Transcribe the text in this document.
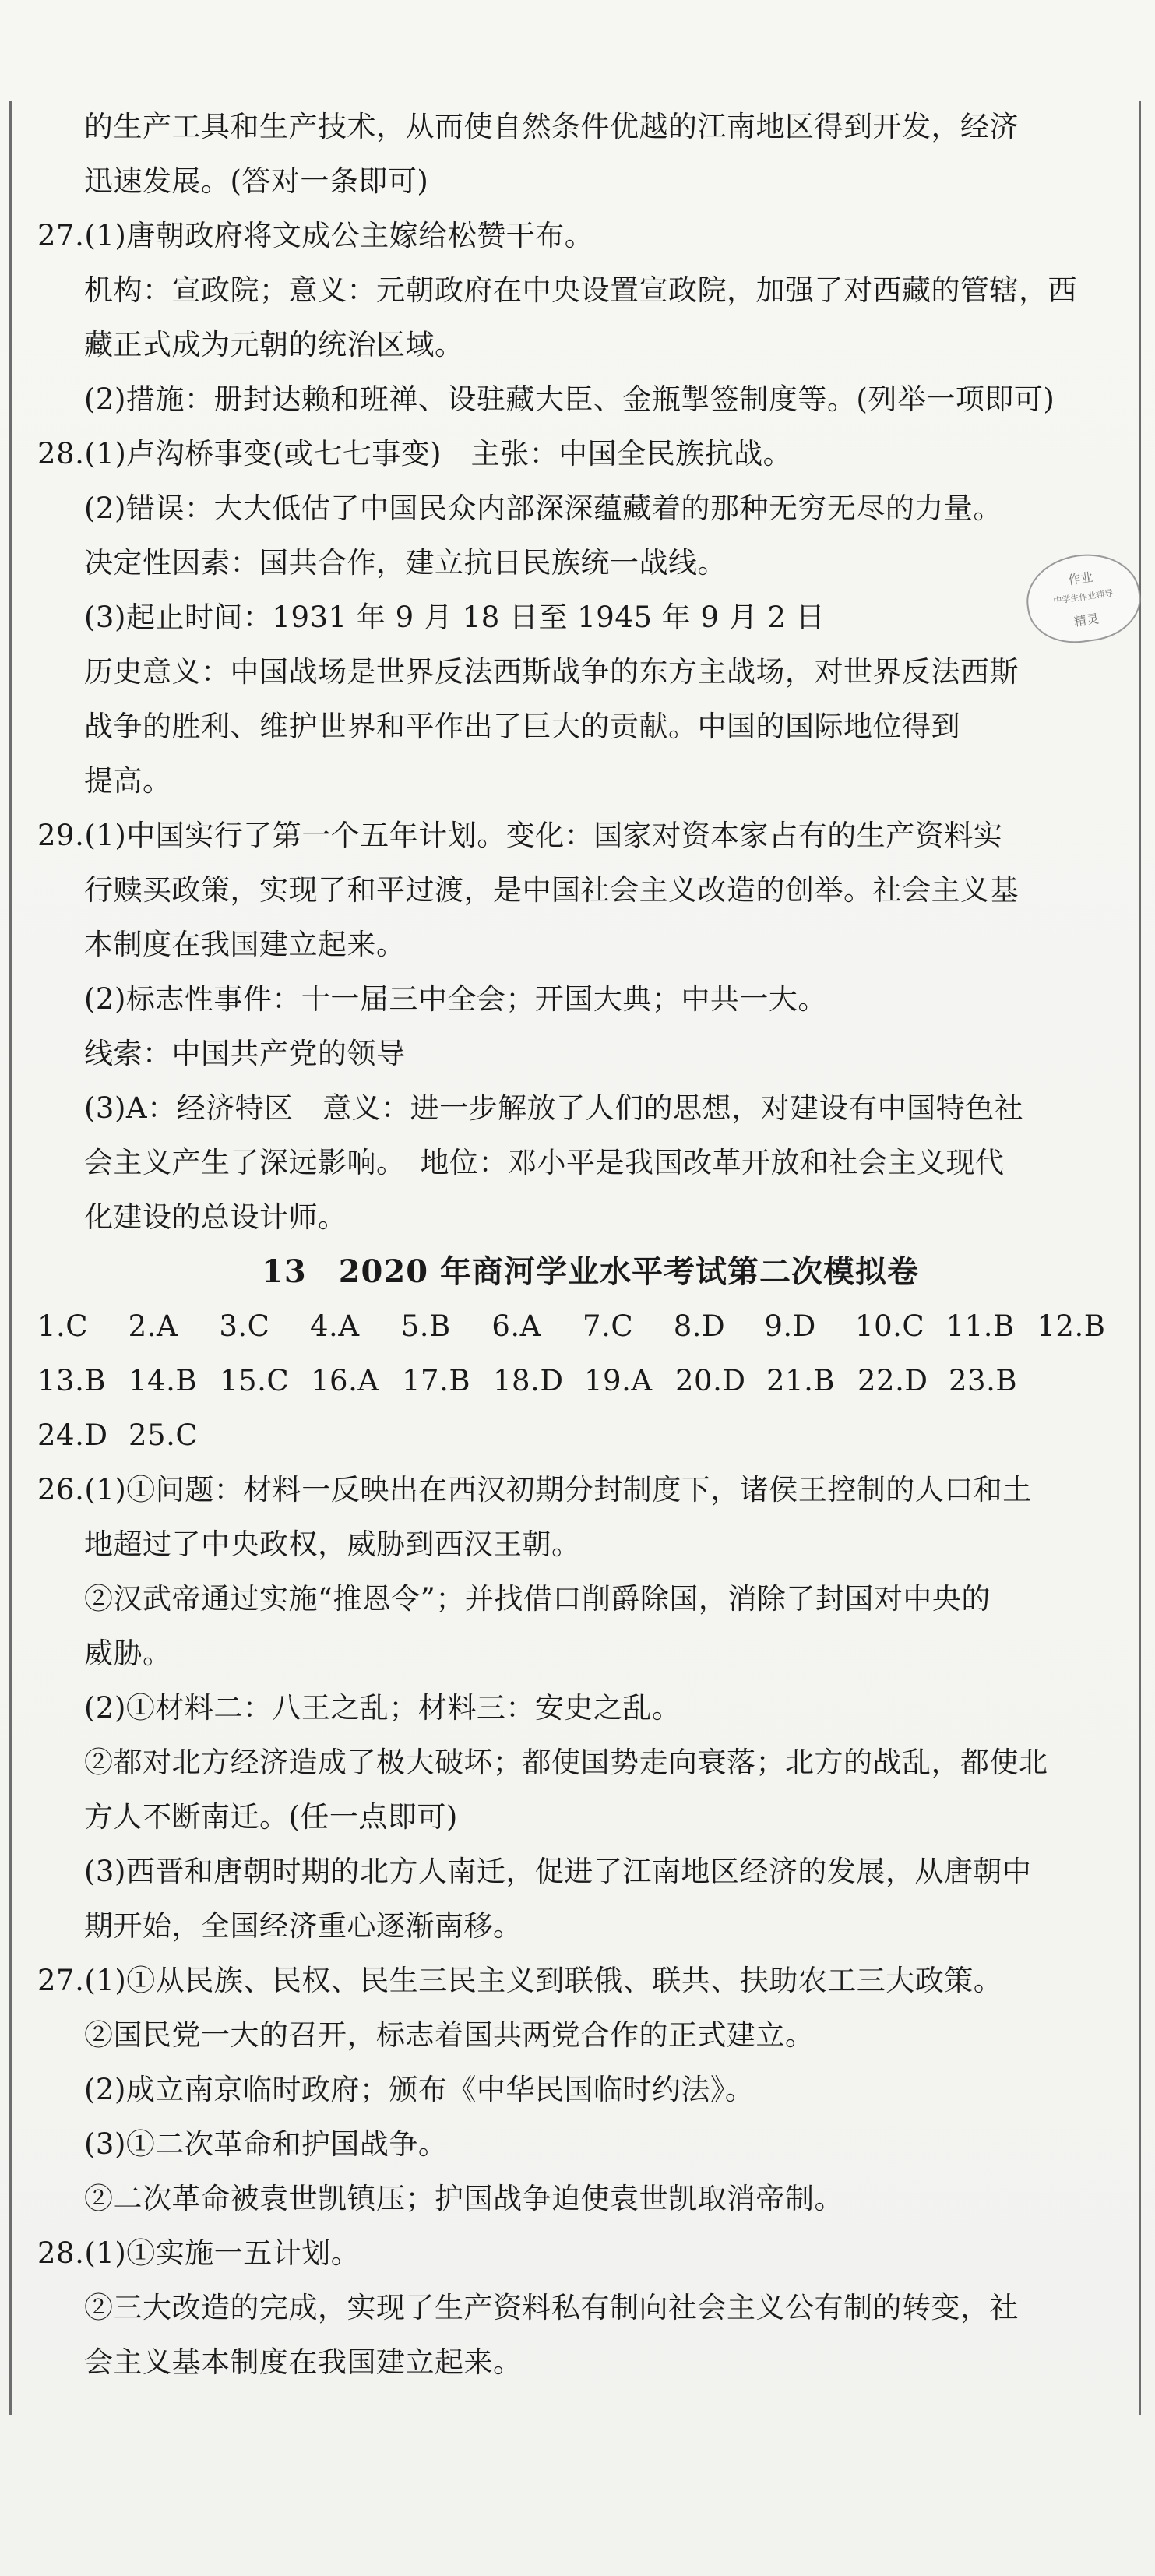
作业
中学生作业辅导
精灵
的生产工具和生产技术，从而使自然条件优越的江南地区得到开发，经济
迅速发展。(答对一条即可)
27.(1)唐朝政府将文成公主嫁给松赞干布。
机构：宣政院；意义：元朝政府在中央设置宣政院，加强了对西藏的管辖，西
藏正式成为元朝的统治区域。
(2)措施：册封达赖和班禅、设驻藏大臣、金瓶掣签制度等。(列举一项即可)
28.(1)卢沟桥事变(或七七事变)　主张：中国全民族抗战。
(2)错误：大大低估了中国民众内部深深蕴藏着的那种无穷无尽的力量。
决定性因素：国共合作，建立抗日民族统一战线。
(3)起止时间：1931 年 9 月 18 日至 1945 年 9 月 2 日
历史意义：中国战场是世界反法西斯战争的东方主战场，对世界反法西斯
战争的胜利、维护世界和平作出了巨大的贡献。中国的国际地位得到
提高。
29.(1)中国实行了第一个五年计划。变化：国家对资本家占有的生产资料实
行赎买政策，实现了和平过渡，是中国社会主义改造的创举。社会主义基
本制度在我国建立起来。
(2)标志性事件：十一届三中全会；开国大典；中共一大。
线索：中国共产党的领导
(3)A：经济特区　意义：进一步解放了人们的思想，对建设有中国特色社
会主义产生了深远影响。　地位：邓小平是我国改革开放和社会主义现代
化建设的总设计师。
13　2020 年商河学业水平考试第二次模拟卷
1.C	2.A	3.C	4.A	5.B	6.A	7.C	8.D	9.D	10.C 11.B 12.B
13.B 14.B 15.C 16.A 17.B 18.D 19.A 20.D 21.B 22.D 23.B
24.D 25.C
26.(1)①问题：材料一反映出在西汉初期分封制度下，诸侯王控制的人口和土
地超过了中央政权，威胁到西汉王朝。
②汉武帝通过实施“推恩令”；并找借口削爵除国，消除了封国对中央的
威胁。
(2)①材料二：八王之乱；材料三：安史之乱。
②都对北方经济造成了极大破坏；都使国势走向衰落；北方的战乱，都使北
方人不断南迁。(任一点即可)
(3)西晋和唐朝时期的北方人南迁，促进了江南地区经济的发展，从唐朝中
期开始，全国经济重心逐渐南移。
27.(1)①从民族、民权、民生三民主义到联俄、联共、扶助农工三大政策。
②国民党一大的召开，标志着国共两党合作的正式建立。
(2)成立南京临时政府；颁布《中华民国临时约法》。
(3)①二次革命和护国战争。
②二次革命被袁世凯镇压；护国战争迫使袁世凯取消帝制。
28.(1)①实施一五计划。
②三大改造的完成，实现了生产资料私有制向社会主义公有制的转变，社
会主义基本制度在我国建立起来。
